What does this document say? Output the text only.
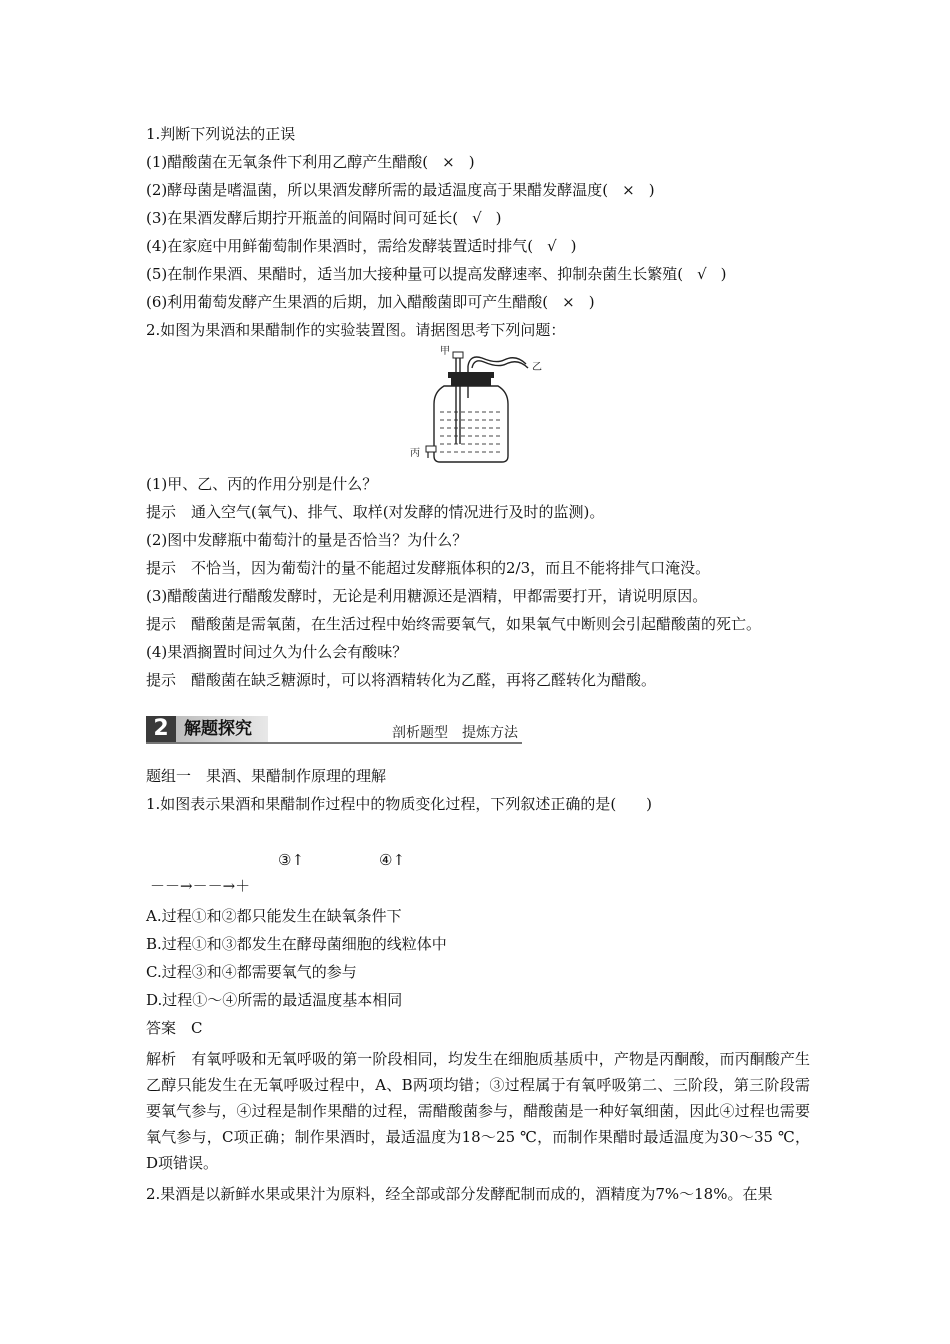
1.判断下列说法的正误
(1)醋酸菌在无氧条件下利用乙醇产生醋酸( × )
(2)酵母菌是嗜温菌，所以果酒发酵所需的最适温度高于果醋发酵温度( × )
(3)在果酒发酵后期拧开瓶盖的间隔时间可延长( √ )
(4)在家庭中用鲜葡萄制作果酒时，需给发酵装置适时排气( √ )
(5)在制作果酒、果醋时，适当加大接种量可以提高发酵速率、抑制杂菌生长繁殖( √ )
(6)利用葡萄发酵产生果酒的后期，加入醋酸菌即可产生醋酸( × )
2.如图为果酒和果醋制作的实验装置图。请据图思考下列问题：
甲
乙
丙
(1)甲、乙、丙的作用分别是什么？
提示　通入空气(氧气)、排气、取样(对发酵的情况进行及时的监测)。
(2)图中发酵瓶中葡萄汁的量是否恰当？为什么？
提示　不恰当，因为葡萄汁的量不能超过发酵瓶体积的2/3，而且不能将排气口淹没。
(3)醋酸菌进行醋酸发酵时，无论是利用糖源还是酒精，甲都需要打开，请说明原因。
提示　醋酸菌是需氧菌，在生活过程中始终需要氧气，如果氧气中断则会引起醋酸菌的死亡。
(4)果酒搁置时间过久为什么会有酸味？
提示　醋酸菌在缺乏糖源时，可以将酒精转化为乙醛，再将乙醛转化为醋酸。
2 解题探究	剖析题型　提炼方法
题组一　果酒、果醋制作原理的理解
1.如图表示果酒和果醋制作过程中的物质变化过程，下列叙述正确的是(　　)
③↑　　　　　④↑
－－→－－→＋
A.过程①和②都只能发生在缺氧条件下
B.过程①和③都发生在酵母菌细胞的线粒体中
C.过程③和④都需要氧气的参与
D.过程①～④所需的最适温度基本相同
答案　C
解析　有氧呼吸和无氧呼吸的第一阶段相同，均发生在细胞质基质中，产物是丙酮酸，而丙酮酸产生乙醇只能发生在无氧呼吸过程中，A、B两项均错；③过程属于有氧呼吸第二、三阶段，第三阶段需要氧气参与，④过程是制作果醋的过程，需醋酸菌参与，醋酸菌是一种好氧细菌，因此④过程也需要氧气参与，C项正确；制作果酒时，最适温度为18～25 ℃，而制作果醋时最适温度为30～35 ℃，D项错误。
2.果酒是以新鲜水果或果汁为原料，经全部或部分发酵配制而成的，酒精度为7%～18%。在果
